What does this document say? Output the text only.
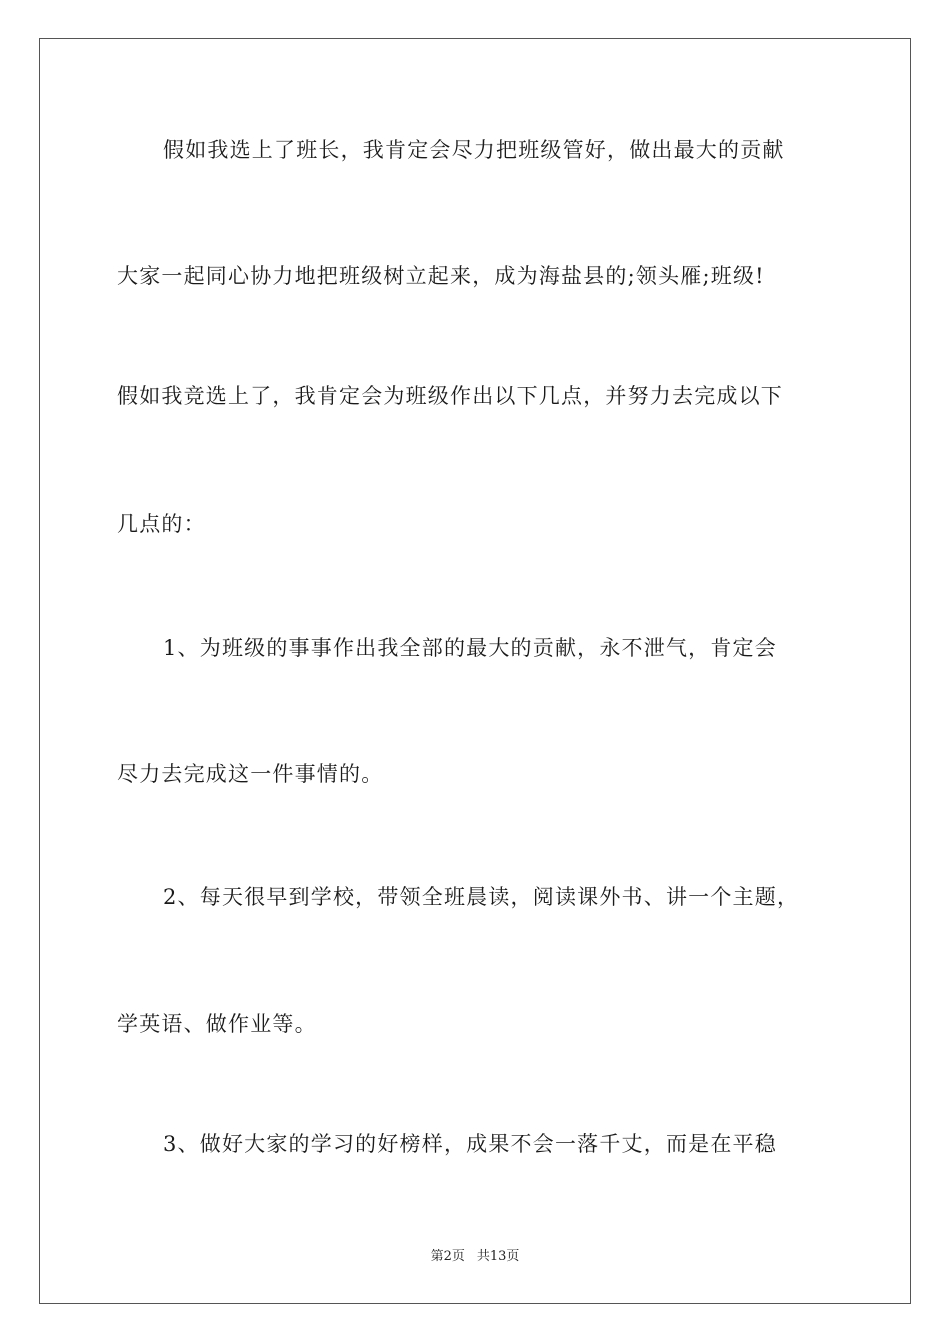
假如我选上了班长，我肯定会尽力把班级管好，做出最大的贡献
大家一起同心协力地把班级树立起来，成为海盐县的;领头雁;班级!
假如我竞选上了，我肯定会为班级作出以下几点，并努力去完成以下
几点的：
1、为班级的事事作出我全部的最大的贡献，永不泄气，肯定会
尽力去完成这一件事情的。
2、每天很早到学校，带领全班晨读，阅读课外书、讲一个主题，
学英语、做作业等。
3、做好大家的学习的好榜样，成果不会一落千丈，而是在平稳
第2页 共13页
